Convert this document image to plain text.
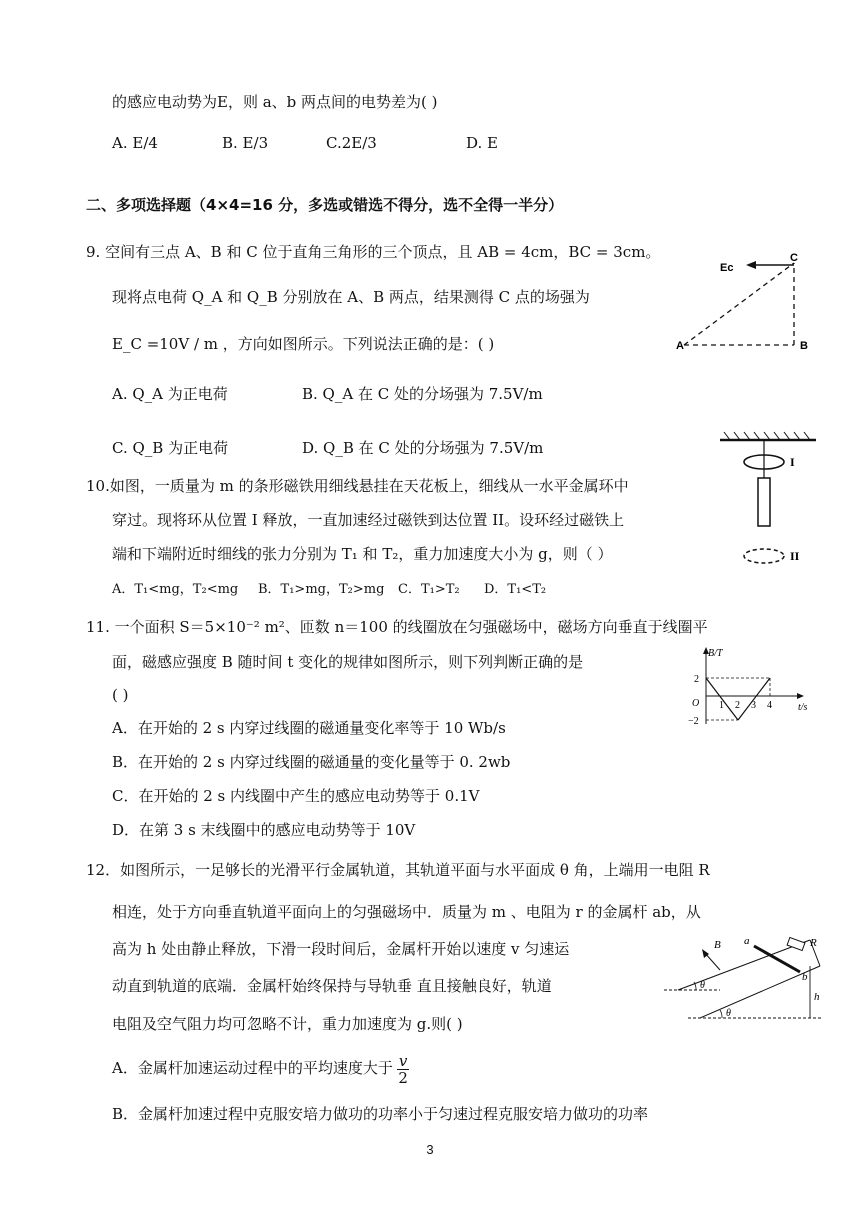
的感应电动势为E，则 a、b 两点间的电势差为( )
A. E/4	B. E/3	C.2E/3	D. E
二、多项选择题（4×4=16 分，多选或错选不得分，选不全得一半分）
9. 空间有三点 A、B 和 C 位于直角三角形的三个顶点，且 AB = 4cm，BC = 3cm。
现将点电荷 Q_A 和 Q_B 分别放在 A、B 两点，结果测得 C 点的场强为
E_C =10V / m ，方向如图所示。下列说法正确的是：( )
A. Q_A 为正电荷	B. Q_A 在 C 处的分场强为 7.5V/m
C. Q_B 为正电荷	D. Q_B 在 C 处的分场强为 7.5V/m
Ec
C
A	B
10.如图，一质量为 m 的条形磁铁用细线悬挂在天花板上，细线从一水平金属环中
穿过。现将环从位置 I 释放，一直加速经过磁铁到达位置 II。设环经过磁铁上
端和下端附近时细线的张力分别为 T₁ 和 T₂，重力加速度大小为 g，则（ ）
A．T₁<mg，T₂<mg B．T₁>mg，T₂>mg C．T₁>T₂ D．T₁<T₂
I
II
11. 一个面积 S＝5×10⁻² m²、匝数 n＝100 的线圈放在匀强磁场中，磁场方向垂直于线圈平
面，磁感应强度 B 随时间 t 变化的规律如图所示，则下列判断正确的是
( )
A．在开始的 2 s 内穿过线圈的磁通量变化率等于 10 Wb/s
B．在开始的 2 s 内穿过线圈的磁通量的变化量等于 0. 2wb
C．在开始的 2 s 内线圈中产生的感应电动势等于 0.1V
D．在第 3 s 末线圈中的感应电动势等于 10V
B/T
t/s
O
2
−2
1 2 3 4
12．如图所示，一足够长的光滑平行金属轨道，其轨道平面与水平面成 θ 角，上端用一电阻 R
相连，处于方向垂直轨道平面向上的匀强磁场中．质量为 m 、电阻为 r 的金属杆 ab，从
高为 h 处由静止释放，下滑一段时间后，金属杆开始以速度 v 匀速运
动直到轨道的底端．金属杆始终保持与导轨垂 直且接触良好，轨道
电阻及空气阻力均可忽略不计，重力加速度为 g.则( )
A．金属杆加速运动过程中的平均速度大于 $\frac{v}{2}$
B．金属杆加速过程中克服安培力做功的功率小于匀速过程克服安培力做功的功率
B a
b
R
h
θ
θ
3
